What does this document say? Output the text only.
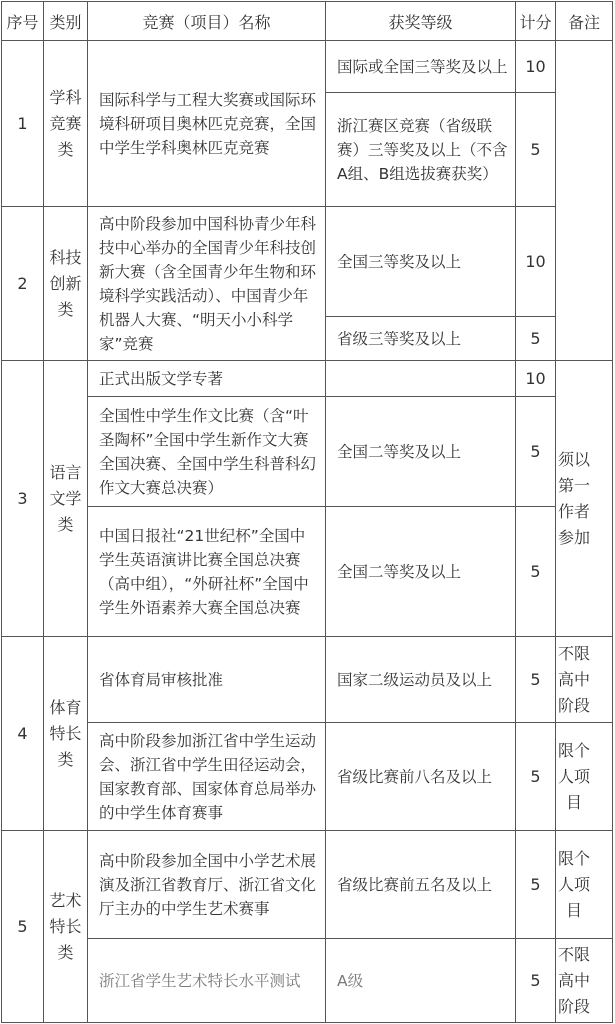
序号	类别	竞赛（项目）名称	获奖等级	计分	备注
1	学科竞赛类	国际科学与工程大奖赛或国际环境科研项目奥林匹克竞赛，全国中学生学科奥林匹克竞赛	国际或全国三等奖及以上	10	
			浙江赛区竞赛（省级联赛）三等奖及以上（不含A组、B组选拔赛获奖）	5	
2	科技创新类	高中阶段参加中国科协青少年科技中心举办的全国青少年科技创新大赛（含全国青少年生物和环境科学实践活动）、中国青少年机器人大赛、“明天小小科学家”竞赛	全国三等奖及以上	10	
			省级三等奖及以上	5	
3	语言文学类	正式出版文学专著		10	须以第一作者参加
		全国性中学生作文比赛（含“叶圣陶杯”全国中学生新作文大赛全国决赛、全国中学生科普科幻作文大赛总决赛）	全国二等奖及以上	5	
		中国日报社“21世纪杯”全国中学生英语演讲比赛全国总决赛（高中组），“外研社杯”全国中学生外语素养大赛全国总决赛	全国二等奖及以上	5	
4	体育特长类	省体育局审核批准	国家二级运动员及以上	5	不限高中阶段
		高中阶段参加浙江省中学生运动会、浙江省中学生田径运动会，国家教育部、国家体育总局举办的中学生体育赛事	省级比赛前八名及以上	5	限个人项目
5	艺术特长类	高中阶段参加全国中小学艺术展演及浙江省教育厅、浙江省文化厅主办的中学生艺术赛事	省级比赛前五名及以上	5	限个人项目
		浙江省学生艺术特长水平测试	A级	5	不限高中阶段
